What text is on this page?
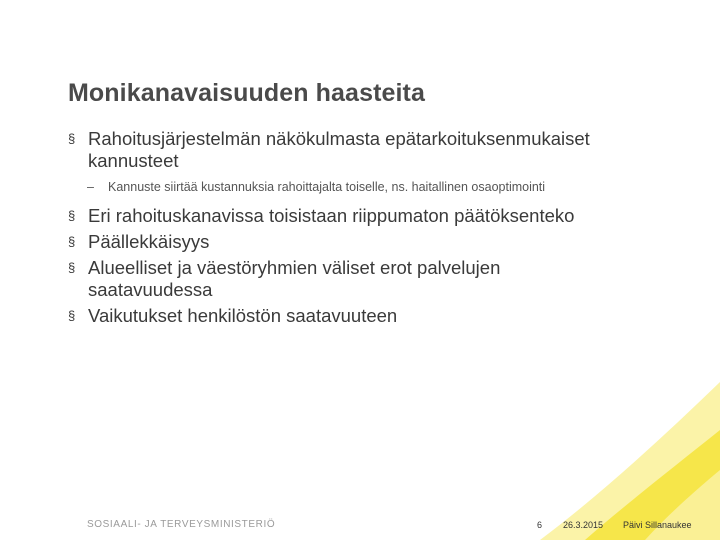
Monikanavaisuuden haasteita
§ Rahoitusjärjestelmän näkökulmasta epätarkoituksenmukaiset kannusteet
– Kannuste siirtää kustannuksia rahoittajalta toiselle, ns. haitallinen osaoptimointi
§ Eri rahoituskanavissa toisistaan riippumaton päätöksenteko
§ Päällekkäisyys
§ Alueelliset ja väestöryhmien väliset erot palvelujen saatavuudessa
§ Vaikutukset henkilöstön saatavuuteen
SOSIAALI- JA TERVEYSMINISTERIÖ	6 26.3.2015 Päivi Sillanaukee
